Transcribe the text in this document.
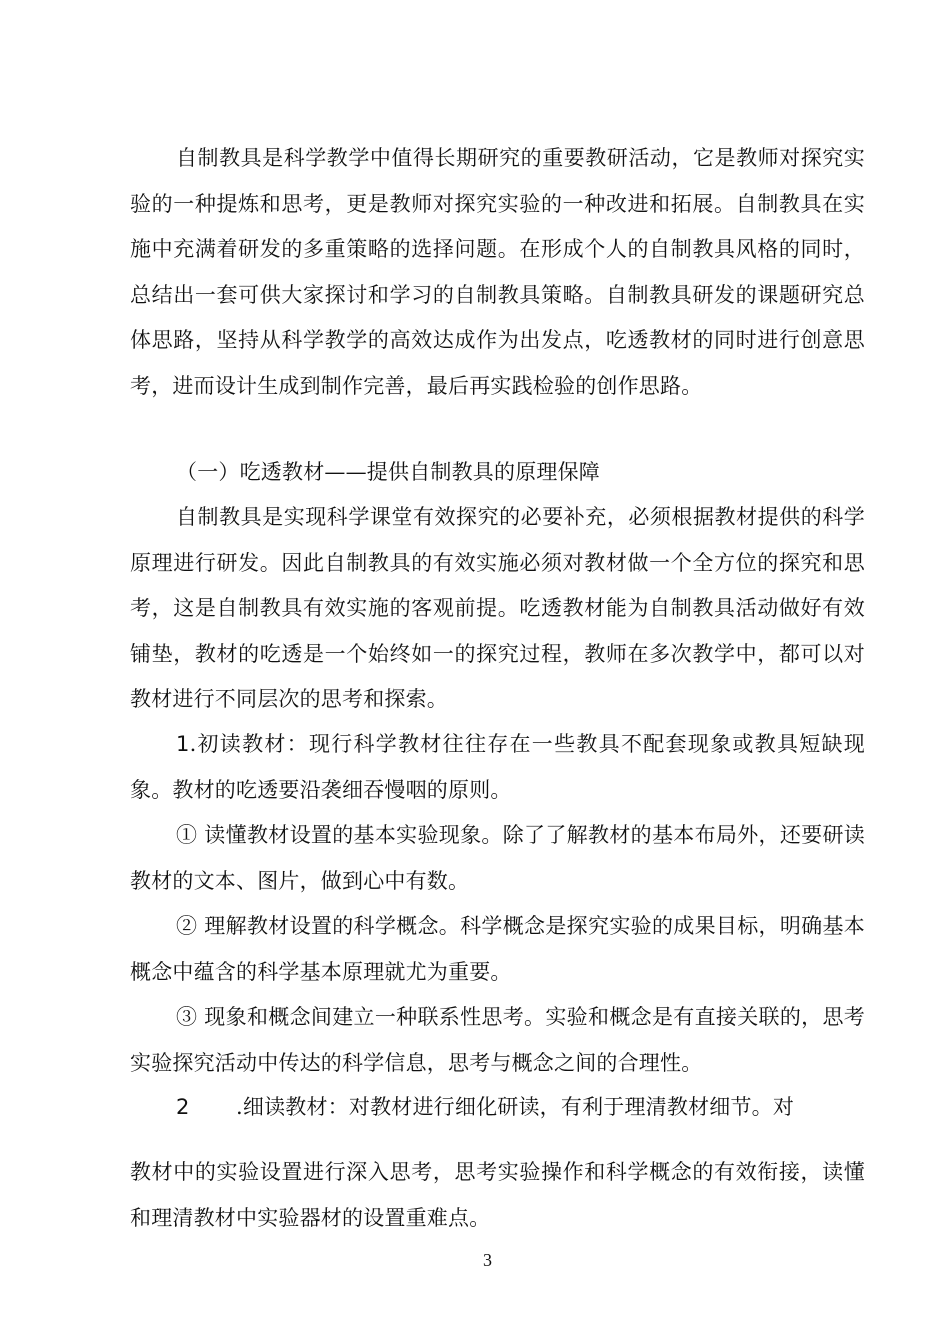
自制教具是科学教学中值得长期研究的重要教研活动，它是教师对探究实验的一种提炼和思考，更是教师对探究实验的一种改进和拓展。自制教具在实施中充满着研发的多重策略的选择问题。在形成个人的自制教具风格的同时，总结出一套可供大家探讨和学习的自制教具策略。自制教具研发的课题研究总体思路，坚持从科学教学的高效达成作为出发点，吃透教材的同时进行创意思考，进而设计生成到制作完善，最后再实践检验的创作思路。

（一）吃透教材——提供自制教具的原理保障

自制教具是实现科学课堂有效探究的必要补充，必须根据教材提供的科学原理进行研发。因此自制教具的有效实施必须对教材做一个全方位的探究和思考，这是自制教具有效实施的客观前提。吃透教材能为自制教具活动做好有效铺垫，教材的吃透是一个始终如一的探究过程，教师在多次教学中，都可以对教材进行不同层次的思考和探索。

1.初读教材：现行科学教材往往存在一些教具不配套现象或教具短缺现象。教材的吃透要沿袭细吞慢咽的原则。

① 读懂教材设置的基本实验现象。除了了解教材的基本布局外，还要研读教材的文本、图片，做到心中有数。

② 理解教材设置的科学概念。科学概念是探究实验的成果目标，明确基本概念中蕴含的科学基本原理就尤为重要。

③ 现象和概念间建立一种联系性思考。实验和概念是有直接关联的，思考实验探究活动中传达的科学信息，思考与概念之间的合理性。

2 .细读教材：对教材进行细化研读，有利于理清教材细节。对

教材中的实验设置进行深入思考，思考实验操作和科学概念的有效衔接，读懂和理清教材中实验器材的设置重难点。

3
